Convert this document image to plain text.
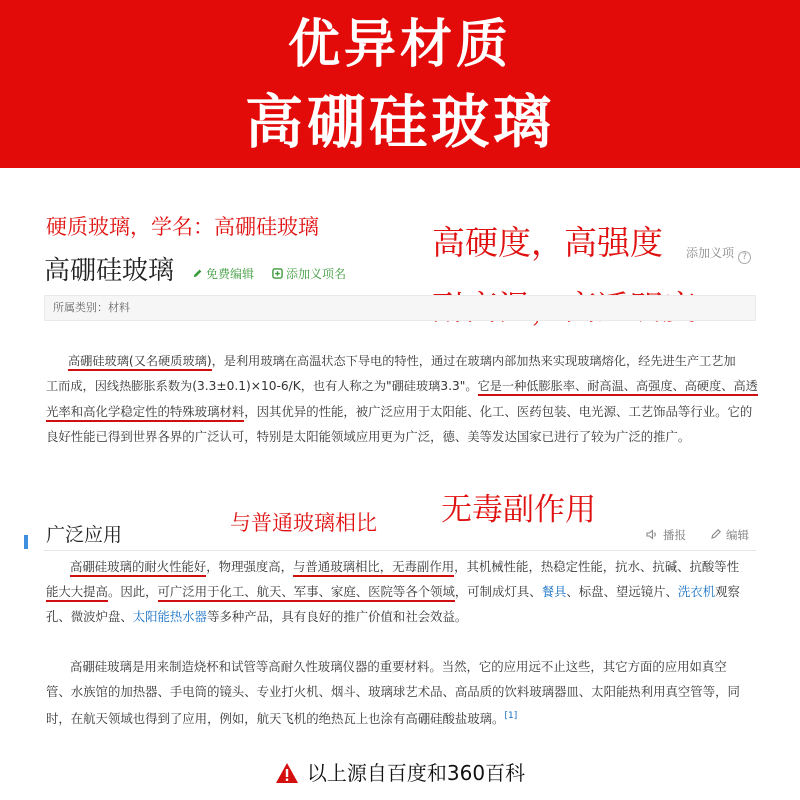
优异材质
高硼硅玻璃
硬质玻璃，学名：高硼硅玻璃	高硬度，高强度
与普通玻璃相比 无毒副作用
高硼硅玻璃	免费编辑	添加义项名
添加义项 ?
所属类别：材料
高硼硅玻璃(又名硬质玻璃)，是利用玻璃在高温状态下导电的特性，通过在玻璃内部加热来实现玻璃熔化，经先进生产工艺加
工而成，因线热膨胀系数为(3.3±0.1)×10-6/K，也有人称之为"硼硅玻璃3.3"。它是一种低膨胀率、耐高温、高强度、高硬度、高透
光率和高化学稳定性的特殊玻璃材料，因其优异的性能，被广泛应用于太阳能、化工、医药包装、电光源、工艺饰品等行业。它的
良好性能已得到世界各界的广泛认可，特别是太阳能领域应用更为广泛，德、美等发达国家已进行了较为广泛的推广。
广泛应用	播报	编辑
高硼硅玻璃的耐火性能好，物理强度高，与普通玻璃相比，无毒副作用，其机械性能，热稳定性能，抗水、抗碱、抗酸等性
能大大提高。因此，可广泛用于化工、航天、军事、家庭、医院等各个领域，可制成灯具、餐具、标盘、望远镜片、洗衣机观察
孔、微波炉盘、太阳能热水器等多种产品，具有良好的推广价值和社会效益。
高硼硅玻璃是用来制造烧杯和试管等高耐久性玻璃仪器的重要材料。当然，它的应用远不止这些，其它方面的应用如真空
管、水族馆的加热器、手电筒的镜头、专业打火机、烟斗、玻璃球艺术品、高品质的饮料玻璃器皿、太阳能热利用真空管等，同
时，在航天领域也得到了应用，例如，航天飞机的绝热瓦上也涂有高硼硅酸盐玻璃。[1]
以上源自百度和360百科
